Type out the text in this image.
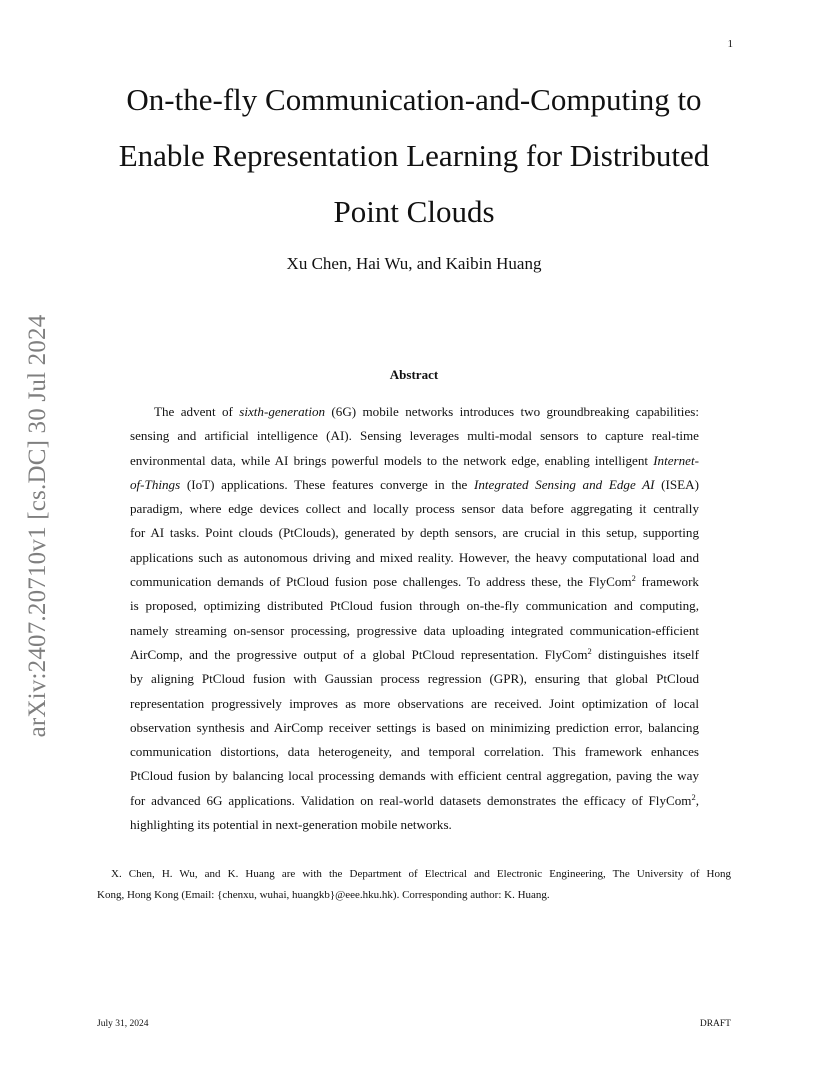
1
arXiv:2407.20710v1 [cs.DC] 30 Jul 2024
On-the-fly Communication-and-Computing to
Enable Representation Learning for Distributed
Point Clouds
Xu Chen, Hai Wu, and Kaibin Huang
Abstract
The advent of sixth-generation (6G) mobile networks introduces two groundbreaking capabilities:
sensing and artificial intelligence (AI). Sensing leverages multi-modal sensors to capture real-time
environmental data, while AI brings powerful models to the network edge, enabling intelligent Internet-
of-Things (IoT) applications. These features converge in the Integrated Sensing and Edge AI (ISEA)
paradigm, where edge devices collect and locally process sensor data before aggregating it centrally
for AI tasks. Point clouds (PtClouds), generated by depth sensors, are crucial in this setup, supporting
applications such as autonomous driving and mixed reality. However, the heavy computational load and
communication demands of PtCloud fusion pose challenges. To address these, the FlyCom$^2$ framework
is proposed, optimizing distributed PtCloud fusion through on-the-fly communication and computing,
namely streaming on-sensor processing, progressive data uploading integrated communication-efficient
AirComp, and the progressive output of a global PtCloud representation. FlyCom$^2$ distinguishes itself
by aligning PtCloud fusion with Gaussian process regression (GPR), ensuring that global PtCloud
representation progressively improves as more observations are received. Joint optimization of local
observation synthesis and AirComp receiver settings is based on minimizing prediction error, balancing
communication distortions, data heterogeneity, and temporal correlation. This framework enhances
PtCloud fusion by balancing local processing demands with efficient central aggregation, paving the way
for advanced 6G applications. Validation on real-world datasets demonstrates the efficacy of FlyCom$^2$,
highlighting its potential in next-generation mobile networks.
X. Chen, H. Wu, and K. Huang are with the Department of Electrical and Electronic Engineering, The University of Hong
Kong, Hong Kong (Email: {chenxu, wuhai, huangkb}@eee.hku.hk). Corresponding author: K. Huang.
July 31, 2024	DRAFT
